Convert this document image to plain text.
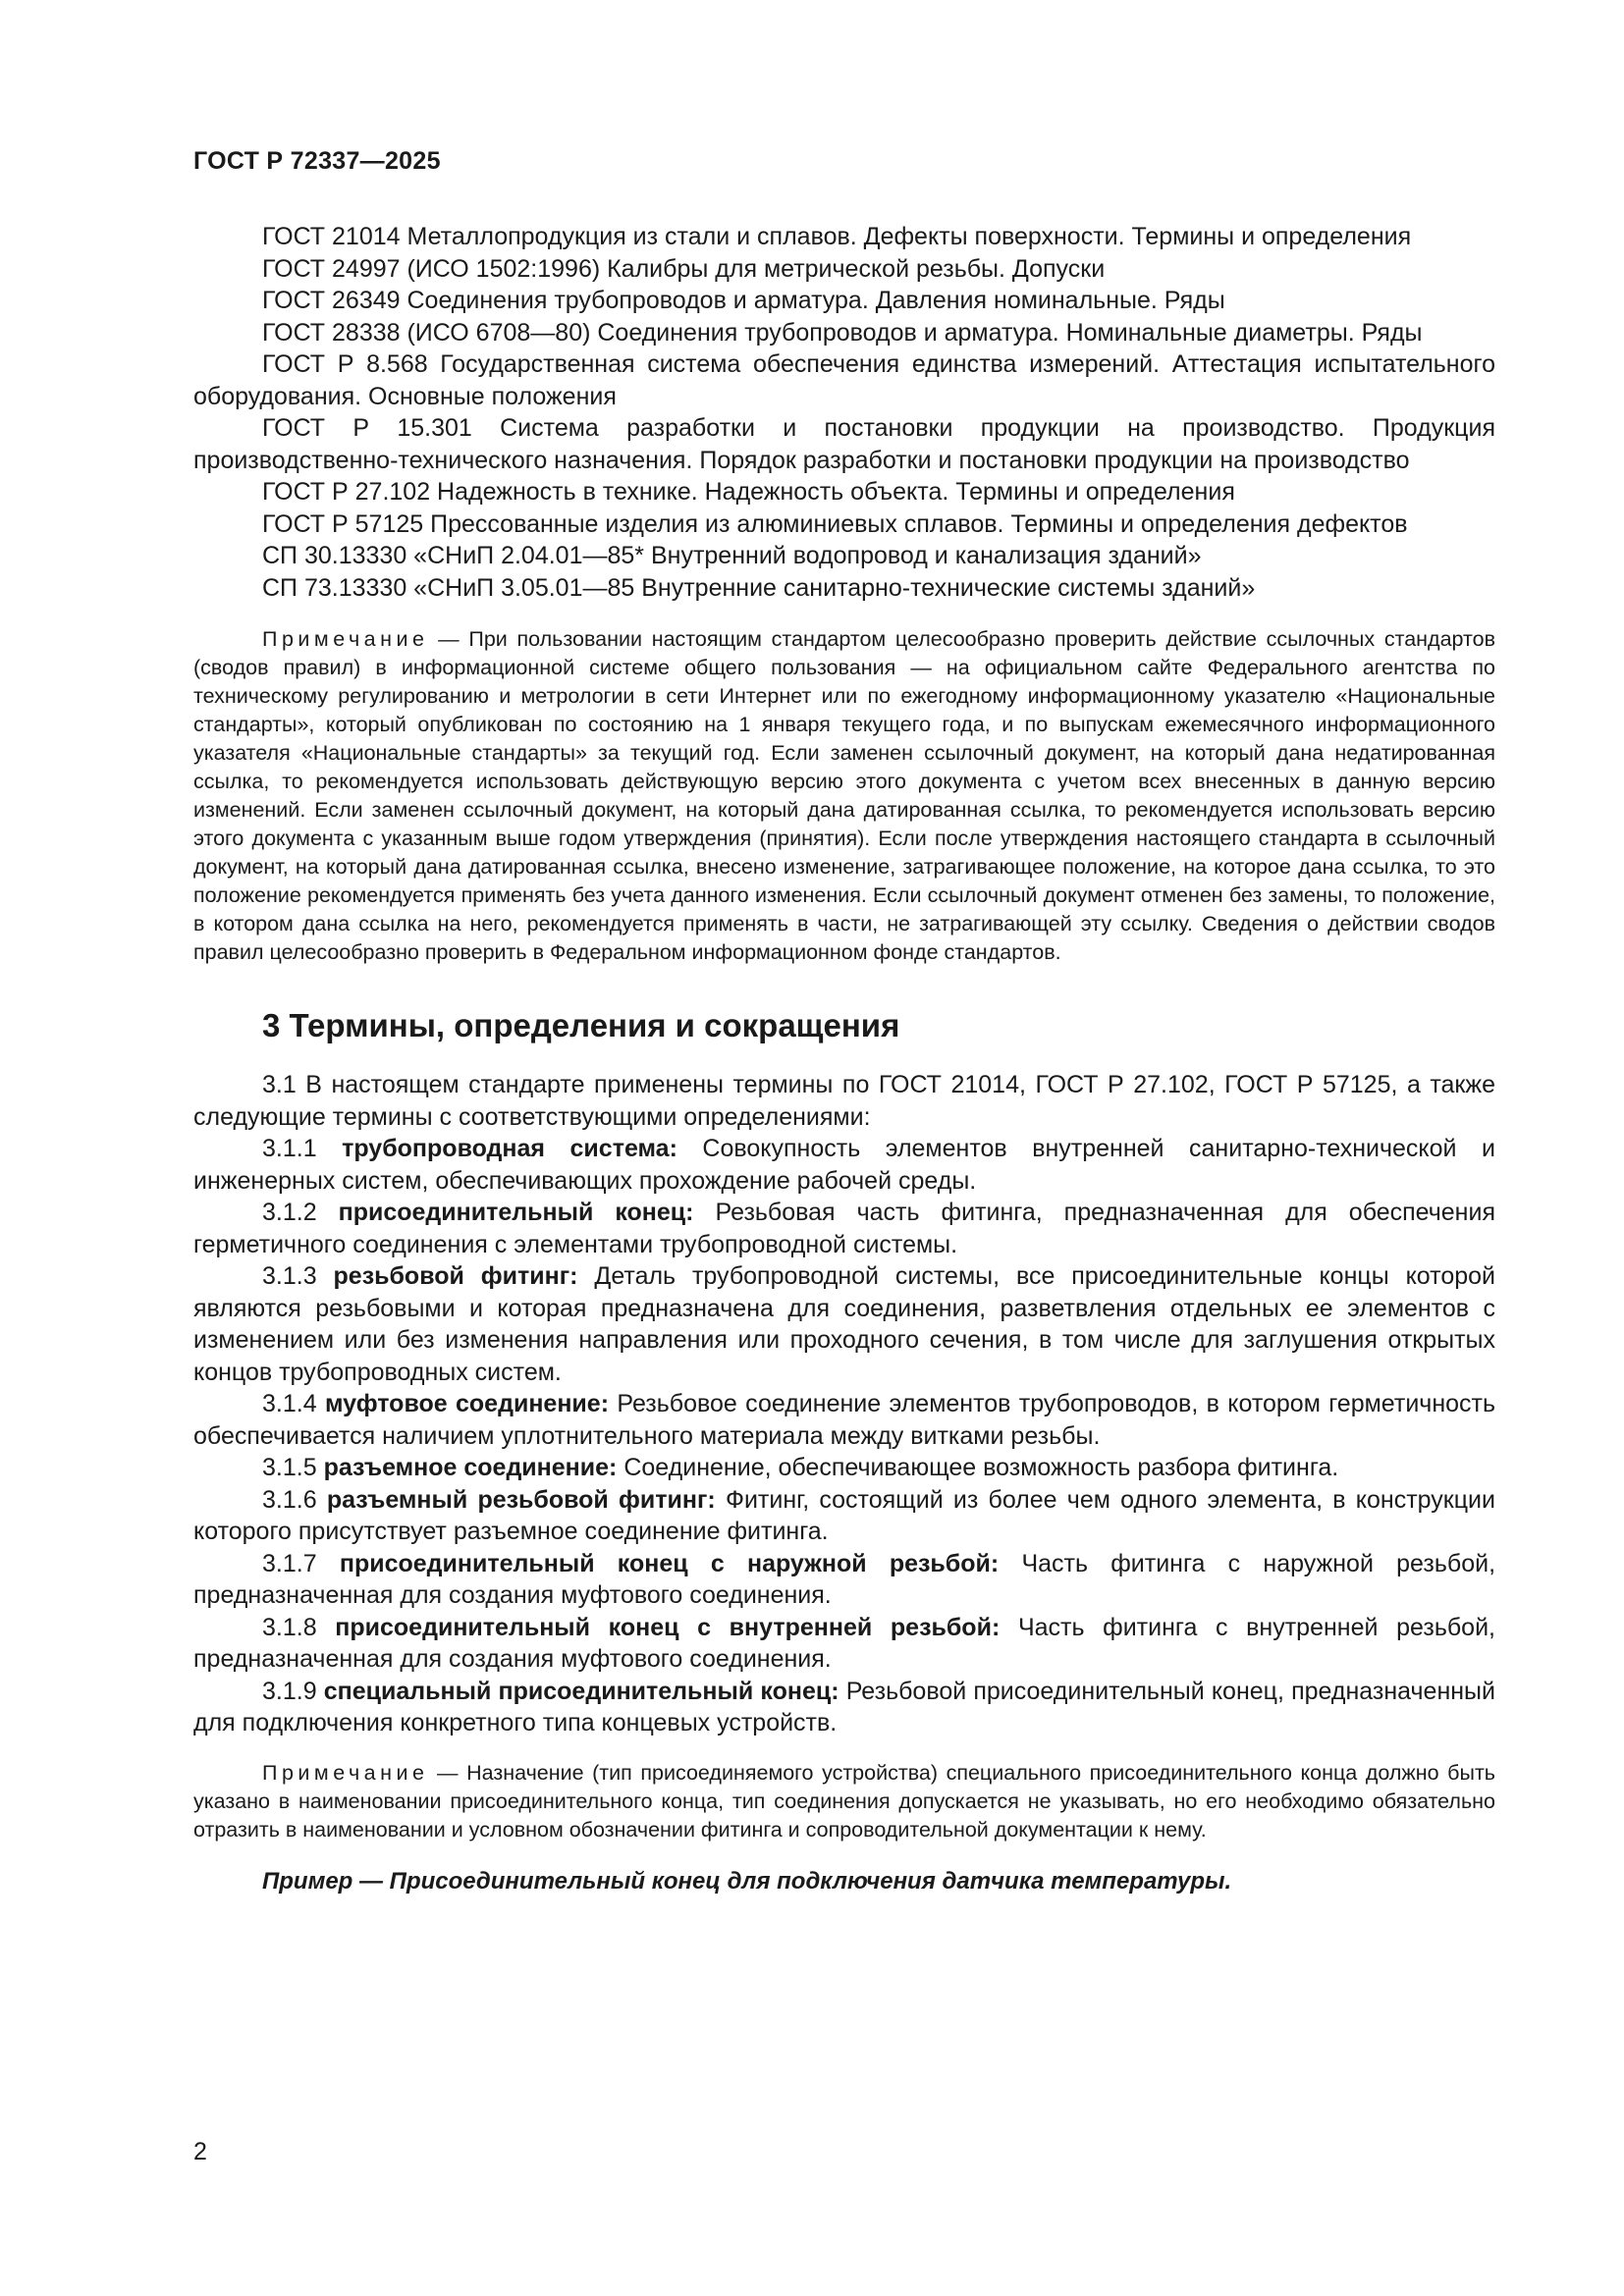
ГОСТ Р 72337—2025

ГОСТ 21014 Металлопродукция из стали и сплавов. Дефекты поверхности. Термины и определения

ГОСТ 24997 (ИСО 1502:1996) Калибры для метрической резьбы. Допуски

ГОСТ 26349 Соединения трубопроводов и арматура. Давления номинальные. Ряды

ГОСТ 28338 (ИСО 6708—80) Соединения трубопроводов и арматура. Номинальные диаметры. Ряды

ГОСТ Р 8.568 Государственная система обеспечения единства измерений. Аттестация испытательного оборудования. Основные положения

ГОСТ Р 15.301 Система разработки и постановки продукции на производство. Продукция производственно-технического назначения. Порядок разработки и постановки продукции на производство

ГОСТ Р 27.102 Надежность в технике. Надежность объекта. Термины и определения

ГОСТ Р 57125 Прессованные изделия из алюминиевых сплавов. Термины и определения дефектов

СП 30.13330 «СНиП 2.04.01—85* Внутренний водопровод и канализация зданий»

СП 73.13330 «СНиП 3.05.01—85 Внутренние санитарно-технические системы зданий»

Примечание — При пользовании настоящим стандартом целесообразно проверить действие ссылочных стандартов (сводов правил) в информационной системе общего пользования — на официальном сайте Федерального агентства по техническому регулированию и метрологии в сети Интернет или по ежегодному информационному указателю «Национальные стандарты», который опубликован по состоянию на 1 января текущего года, и по выпускам ежемесячного информационного указателя «Национальные стандарты» за текущий год. Если заменен ссылочный документ, на который дана недатированная ссылка, то рекомендуется использовать действующую версию этого документа с учетом всех внесенных в данную версию изменений. Если заменен ссылочный документ, на который дана датированная ссылка, то рекомендуется использовать версию этого документа с указанным выше годом утверждения (принятия). Если после утверждения настоящего стандарта в ссылочный документ, на который дана датированная ссылка, внесено изменение, затрагивающее положение, на которое дана ссылка, то это положение рекомендуется применять без учета данного изменения. Если ссылочный документ отменен без замены, то положение, в котором дана ссылка на него, рекомендуется применять в части, не затрагивающей эту ссылку. Сведения о действии сводов правил целесообразно проверить в Федеральном информационном фонде стандартов.

3 Термины, определения и сокращения

3.1 В настоящем стандарте применены термины по ГОСТ 21014, ГОСТ Р 27.102, ГОСТ Р 57125, а также следующие термины с соответствующими определениями:

3.1.1 трубопроводная система: Совокупность элементов внутренней санитарно-технической и инженерных систем, обеспечивающих прохождение рабочей среды.

3.1.2 присоединительный конец: Резьбовая часть фитинга, предназначенная для обеспечения герметичного соединения с элементами трубопроводной системы.

3.1.3 резьбовой фитинг: Деталь трубопроводной системы, все присоединительные концы которой являются резьбовыми и которая предназначена для соединения, разветвления отдельных ее элементов с изменением или без изменения направления или проходного сечения, в том числе для заглушения открытых концов трубопроводных систем.

3.1.4 муфтовое соединение: Резьбовое соединение элементов трубопроводов, в котором герметичность обеспечивается наличием уплотнительного материала между витками резьбы.

3.1.5 разъемное соединение: Соединение, обеспечивающее возможность разбора фитинга.

3.1.6 разъемный резьбовой фитинг: Фитинг, состоящий из более чем одного элемента, в конструкции которого присутствует разъемное соединение фитинга.

3.1.7 присоединительный конец с наружной резьбой: Часть фитинга с наружной резьбой, предназначенная для создания муфтового соединения.

3.1.8 присоединительный конец с внутренней резьбой: Часть фитинга с внутренней резьбой, предназначенная для создания муфтового соединения.

3.1.9 специальный присоединительный конец: Резьбовой присоединительный конец, предназначенный для подключения конкретного типа концевых устройств.

Примечание — Назначение (тип присоединяемого устройства) специального присоединительного конца должно быть указано в наименовании присоединительного конца, тип соединения допускается не указывать, но его необходимо обязательно отразить в наименовании и условном обозначении фитинга и сопроводительной документации к нему.

Пример — Присоединительный конец для подключения датчика температуры.

2
